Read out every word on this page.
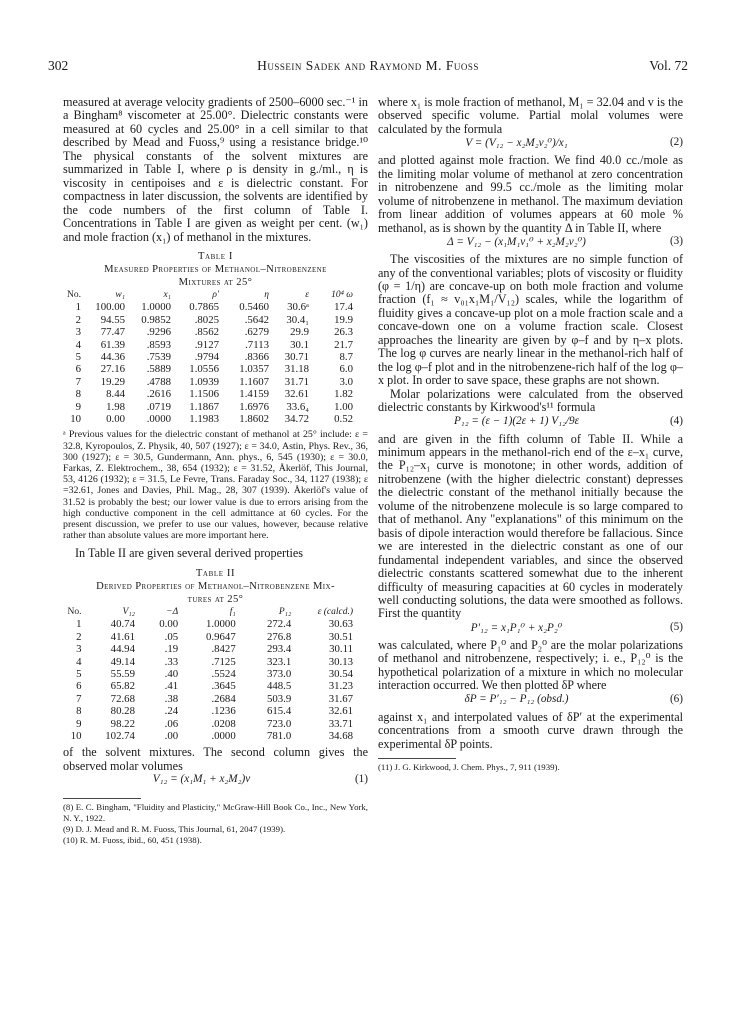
302	Hussein Sadek and Raymond M. Fuoss	Vol. 72

measured at average velocity gradients of 2500–6000 sec.⁻¹ in a Bingham⁸ viscometer at 25.00°. Dielectric constants were measured at 60 cycles and 25.00° in a cell similar to that described by Mead and Fuoss,⁹ using a resistance bridge.¹⁰ The physical constants of the solvent mixtures are summarized in Table I, where ρ is density in g./ml., η is viscosity in centipoises and ε is dielectric constant. For compactness in later discussion, the solvents are identified by the code numbers of the first column of Table I. Concentrations in Table I are given as weight per cent. (w₁) and mole fraction (x₁) of methanol in the mixtures.

Table I
Measured Properties of Methanol–Nitrobenzene
Mixtures at 25°
No.	w₁	x₁	ρ'	η	ε	10⁴ ω
1	100.00	1.0000	0.7865	0.5460	30.6ᵃ	17.4
2	94.55	0.9852	.8025	.5642	30.4₁	19.9
3	77.47	.9296	.8562	.6279	29.9	26.3
4	61.39	.8593	.9127	.7113	30.1	21.7
5	44.36	.7539	.9794	.8366	30.71	8.7
6	27.16	.5889	1.0556	1.0357	31.18	6.0
7	19.29	.4788	1.0939	1.1607	31.71	3.0
8	8.44	.2616	1.1506	1.4159	32.61	1.82
9	1.98	.0719	1.1867	1.6976	33.6₄	1.00
10	0.00	.0000	1.1983	1.8602	34.72	0.52

ᵃ Previous values for the dielectric constant of methanol at 25° include: ε = 32.8, Kyropoulos, Z. Physik, 40, 507 (1927); ε = 34.0, Astin, Phys. Rev., 36, 300 (1927); ε = 30.5, Gundermann, Ann. phys., 6, 545 (1930); ε = 30.0, Farkas, Z. Elektrochem., 38, 654 (1932); ε = 31.52, Åkerlöf, This Journal, 53, 4126 (1932); ε = 31.5, Le Fevre, Trans. Faraday Soc., 34, 1127 (1938); ε =32.61, Jones and Davies, Phil. Mag., 28, 307 (1939). Åkerlöf's value of 31.52 is probably the best; our lower value is due to errors arising from the high conductive component in the cell admittance at 60 cycles. For the present discussion, we prefer to use our values, however, because relative rather than absolute values are more important here.

In Table II are given several derived properties

Table II
Derived Properties of Methanol–Nitrobenzene Mix-
tures at 25°
No.	V₁₂	−Δ	f₁	P₁₂	ε (calcd.)
1	40.74	0.00	1.0000	272.4	30.63
2	41.61	.05	0.9647	276.8	30.51
3	44.94	.19	.8427	293.4	30.11
4	49.14	.33	.7125	323.1	30.13
5	55.59	.40	.5524	373.0	30.54
6	65.82	.41	.3645	448.5	31.23
7	72.68	.38	.2684	503.9	31.67
8	80.28	.24	.1236	615.4	32.61
9	98.22	.06	.0208	723.0	33.71
10	102.74	.00	.0000	781.0	34.68

of the solvent mixtures. The second column gives the observed molar volumes

V₁₂ = (x₁M₁ + x₂M₂)v	(1)

(8) E. C. Bingham, "Fluidity and Plasticity," McGraw-Hill Book Co., Inc., New York, N. Y., 1922.

(9) D. J. Mead and R. M. Fuoss, This Journal, 61, 2047 (1939).

(10) R. M. Fuoss, ibid., 60, 451 (1938).

where x₁ is mole fraction of methanol, M₁ = 32.04 and v is the observed specific volume. Partial molal volumes were calculated by the formula

V = (V₁₂ − x₂M₂v₂⁰)/x₁	(2)

and plotted against mole fraction. We find 40.0 cc./mole as the limiting molar volume of methanol at zero concentration in nitrobenzene and 99.5 cc./mole as the limiting molar volume of nitrobenzene in methanol. The maximum deviation from linear addition of volumes appears at 60 mole % methanol, as is shown by the quantity Δ in Table II, where

Δ = V₁₂ − (x₁M₁v₁⁰ + x₂M₂v₂⁰)	(3)

The viscosities of the mixtures are no simple function of any of the conventional variables; plots of viscosity or fluidity (φ = 1/η) are concave-up on both mole fraction and volume fraction (f₁ ≈ v₀₁x₁M₁/V₁₂) scales, while the logarithm of fluidity gives a concave-up plot on a mole fraction scale and a concave-down one on a volume fraction scale. Closest approaches the linearity are given by φ–f and by η–x plots. The log φ curves are nearly linear in the methanol-rich half of the log φ–f plot and in the nitrobenzene-rich half of the log φ–x plot. In order to save space, these graphs are not shown.

Molar polarizations were calculated from the observed dielectric constants by Kirkwood's¹¹ formula

P₁₂ = (ε − 1)(2ε + 1) V₁₂/9ε	(4)

and are given in the fifth column of Table II. While a minimum appears in the methanol-rich end of the ε–x₁ curve, the P₁₂–x₁ curve is monotone; in other words, addition of nitrobenzene (with the higher dielectric constant) depresses the dielectric constant of the methanol initially because the volume of the nitrobenzene molecule is so large compared to that of methanol. Any "explanations" of this minimum on the basis of dipole interaction would therefore be fallacious. Since we are interested in the dielectric constant as one of our fundamental independent variables, and since the observed dielectric constants scattered somewhat due to the inherent difficulty of measuring capacities at 60 cycles in moderately well conducting solutions, the data were smoothed as follows. First the quantity

P′₁₂ = x₁P₁⁰ + x₂P₂⁰	(5)

was calculated, where P₁⁰ and P₂⁰ are the molar polarizations of methanol and nitrobenzene, respectively; i. e., P₁₂⁰ is the hypothetical polarization of a mixture in which no molecular interaction occurred. We then plotted δP where

δP = P′₁₂ − P₁₂ (obsd.)	(6)

against x₁ and interpolated values of δP′ at the experimental concentrations from a smooth curve drawn through the experimental δP points.

(11) J. G. Kirkwood, J. Chem. Phys., 7, 911 (1939).
